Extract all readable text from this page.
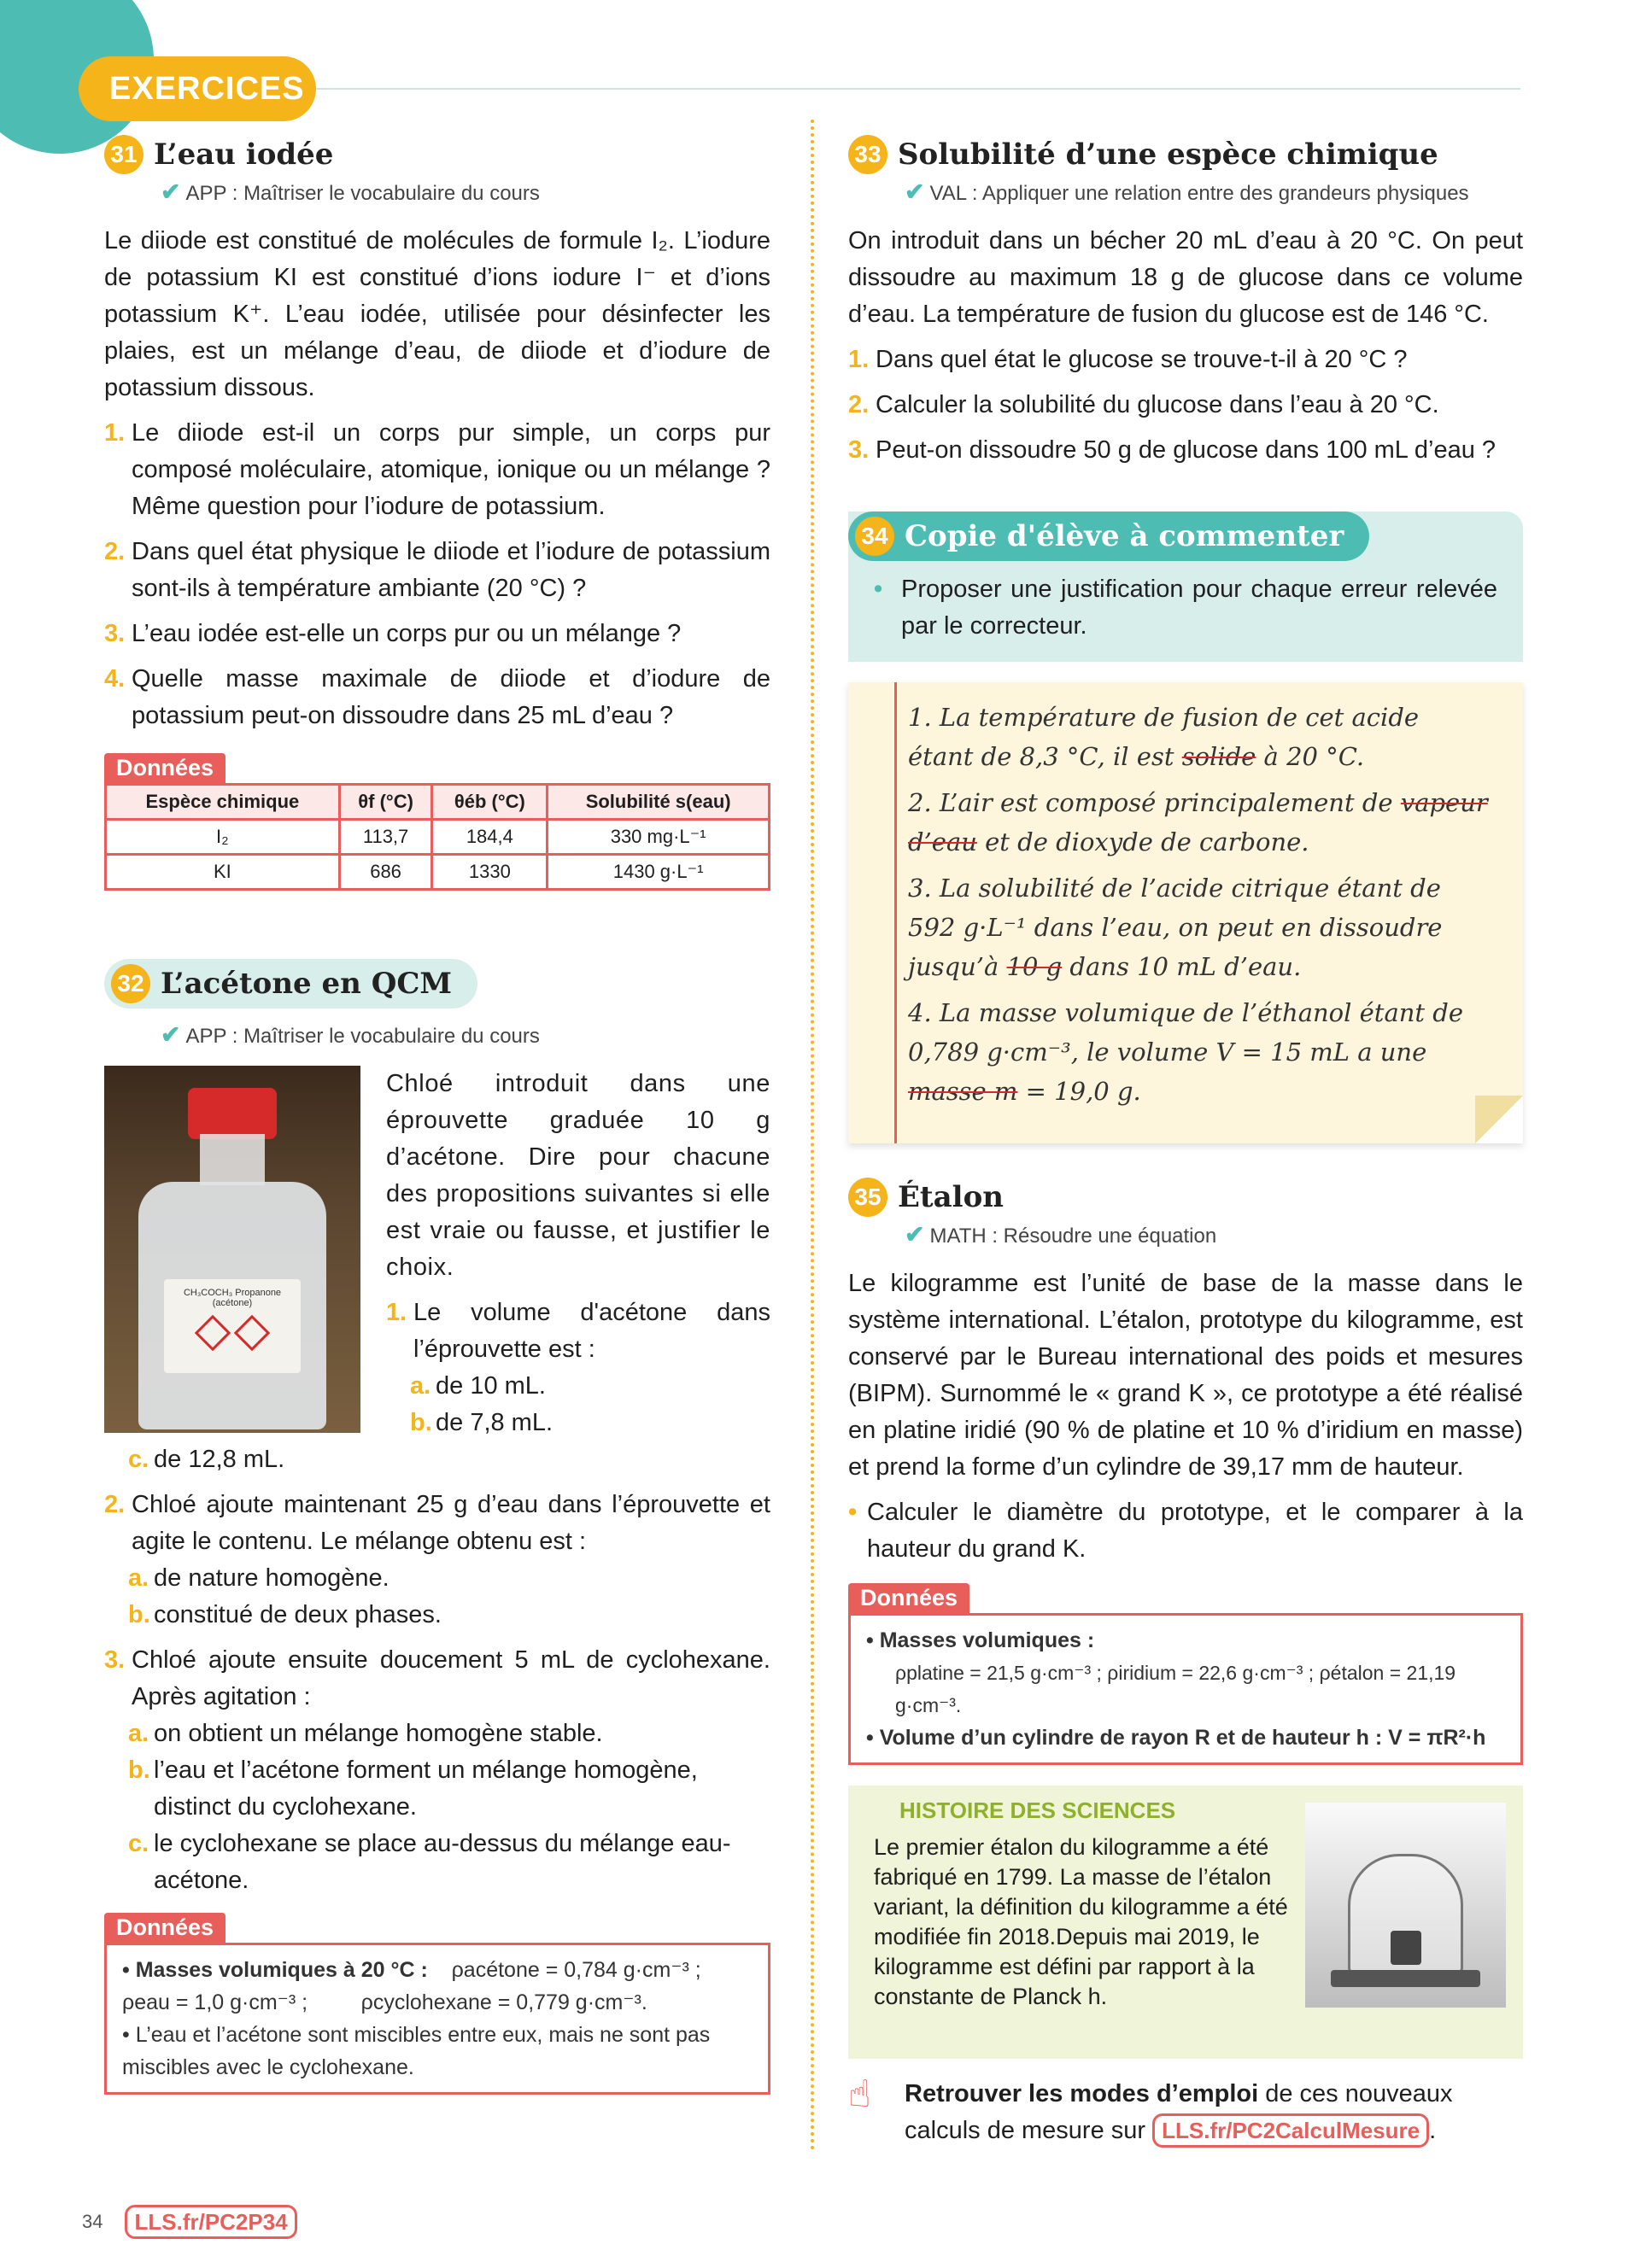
EXERCICES
31 L’eau iodée
✔ APP : Maîtriser le vocabulaire du cours

Le diiode est constitué de molécules de formule I₂. L’iodure de potassium KI est constitué d’ions iodure I⁻ et d’ions potassium K⁺. L’eau iodée, utilisée pour désinfecter les plaies, est un mélange d’eau, de diiode et d’iodure de potassium dissous.

1. Le diiode est-il un corps pur simple, un corps pur composé moléculaire, atomique, ionique ou un mélange ? Même question pour l’iodure de potassium.
2. Dans quel état physique le diiode et l’iodure de potassium sont-ils à température ambiante (20 °C) ?
3. L’eau iodée est-elle un corps pur ou un mélange ?
4. Quelle masse maximale de diiode et d’iodure de potassium peut-on dissoudre dans 25 mL d’eau ?
Données
Espèce chimique	θf (°C)	θéb (°C)	Solubilité s(eau)
I₂	113,7	184,4	330 mg·L⁻¹
KI	686	1330	1430 g·L⁻¹
32 L’acétone en QCM
✔ APP : Maîtriser le vocabulaire du cours
CH₃COCH₃ Propanone (acétone)

Chloé introduit dans une éprouvette graduée 10 g d’acétone. Dire pour chacune des propositions suivantes si elle est vraie ou fausse, et justifier le choix.

1. Le volume d'acétone dans l’éprouvette est :
a. de 10 mL.
b. de 7,8 mL.
c. de 12,8 mL.
2. Chloé ajoute maintenant 25 g d’eau dans l’éprouvette et agite le contenu. Le mélange obtenu est :
a. de nature homogène.
b. constitué de deux phases.
3. Chloé ajoute ensuite doucement 5 mL de cyclohexane. Après agitation :
a. on obtient un mélange homogène stable.
b. l’eau et l’acétone forment un mélange homogène, distinct du cyclohexane.
c. le cyclohexane se place au-dessus du mélange eau-acétone.
Données
• Masses volumiques à 20 °C : ρacétone = 0,784 g·cm⁻³ ;
ρeau = 1,0 g·cm⁻³ ;	ρcyclohexane = 0,779 g·cm⁻³.
• L’eau et l’acétone sont miscibles entre eux, mais ne sont pas miscibles avec le cyclohexane.
33 Solubilité d’une espèce chimique
✔ VAL : Appliquer une relation entre des grandeurs physiques

On introduit dans un bécher 20 mL d’eau à 20 °C. On peut dissoudre au maximum 18 g de glucose dans ce volume d’eau. La température de fusion du glucose est de 146 °C.

1. Dans quel état le glucose se trouve-t-il à 20 °C ?
2. Calculer la solubilité du glucose dans l’eau à 20 °C.
3. Peut-on dissoudre 50 g de glucose dans 100 mL d’eau ?
34 Copie d'élève à commenter
• Proposer une justification pour chaque erreur relevée par le correcteur.
1. La température de fusion de cet acide étant de 8,3 °C, il est solide à 20 °C.
2. L’air est composé principalement de vapeur d’eau et de dioxyde de carbone.
3. La solubilité de l’acide citrique étant de 592 g·L⁻¹ dans l’eau, on peut en dissoudre jusqu’à 10 g dans 10 mL d’eau.
4. La masse volumique de l’éthanol étant de 0,789 g·cm⁻³, le volume V = 15 mL a une masse m = 19,0 g.
35 Étalon
✔ MATH : Résoudre une équation

Le kilogramme est l’unité de base de la masse dans le système international. L’étalon, prototype du kilogramme, est conservé par le Bureau international des poids et mesures (BIPM). Surnommé le « grand K », ce prototype a été réalisé en platine iridié (90 % de platine et 10 % d’iridium en masse) et prend la forme d’un cylindre de 39,17 mm de hauteur.

• Calculer le diamètre du prototype, et le comparer à la hauteur du grand K.
Données
• Masses volumiques :
ρplatine = 21,5 g·cm⁻³ ; ρiridium = 22,6 g·cm⁻³ ; ρétalon = 21,19 g·cm⁻³.
• Volume d’un cylindre de rayon R et de hauteur h : V = πR²·h
HISTOIRE DES SCIENCES
Le premier étalon du kilogramme a été fabriqué en 1799. La masse de l’étalon variant, la définition du kilogramme a été modifiée fin 2018.Depuis mai 2019, le kilogramme est défini par rapport à la constante de Planck h.
☝	Retrouver les modes d’emploi de ces nouveaux calculs de mesure sur LLS.fr/PC2CalculMesure .
34	LLS.fr/PC2P34
